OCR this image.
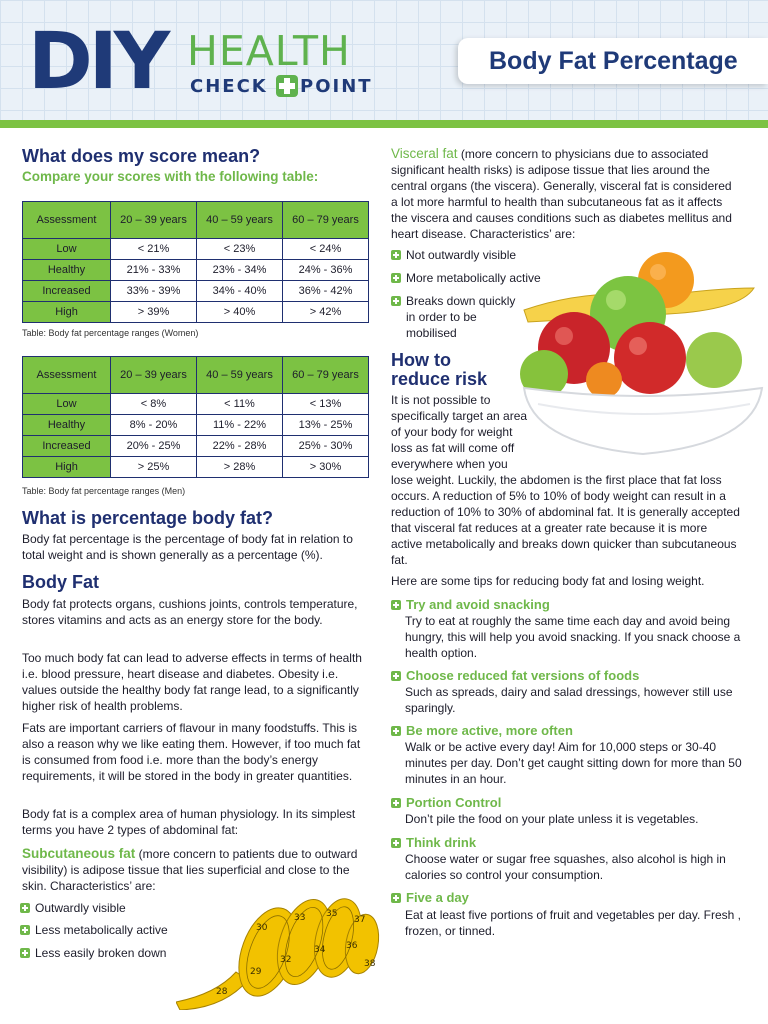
DIY HEALTH
CHECK POINT
Body Fat Percentage
What does my score mean?
Compare your scores with the following table:
Assessment	20 – 39 years	40 – 59 years	60 – 79 years
Low	< 21%	< 23%	< 24%
Healthy	21% - 33%	23% - 34%	24% - 36%
Increased	33% - 39%	34% - 40%	36% - 42%
High	> 39%	> 40%	> 42%
Table: Body fat percentage ranges (Women)
Assessment	20 – 39 years	40 – 59 years	60 – 79 years
Low	< 8%	< 11%	< 13%
Healthy	8% - 20%	11% - 22%	13% - 25%
Increased	20% - 25%	22% - 28%	25% - 30%
High	> 25%	> 28%	> 30%
Table: Body fat percentage ranges (Men)
What is percentage body fat?

Body fat percentage is the percentage of body fat in relation to total weight and is shown generally as a percentage (%).

Body Fat

Body fat protects organs, cushions joints, controls temperature, stores vitamins and acts as an energy store for the body.

Too much body fat can lead to adverse effects in terms of health i.e. blood pressure, heart disease and diabetes. Obesity i.e. values outside the healthy body fat range lead, to a significantly higher risk of health problems.

Fats are important carriers of flavour in many foodstuffs. This is also a reason why we like eating them. However, if too much fat is consumed from food i.e. more than the body’s energy requirements, it will be stored in the body in greater quantities.

Body fat is a complex area of human physiology. In its simplest terms you have 2 types of abdominal fat:

Subcutaneous fat (more concern to patients due to outward visibility) is adipose tissue that lies superficial and close to the skin. Characteristics’ are:

Outwardly visible
Less metabolically active
Less easily broken down
28
29
30
32
33
34
35
36
37
38

Visceral fat (more concern to physicians due to associated significant health risks) is adipose tissue that lies around the central organs (the viscera). Generally, visceral fat is considered a lot more harmful to health than subcutaneous fat as it affects the viscera and causes conditions such as diabetes mellitus and heart disease. Characteristics’ are:

Not outwardly visible
More metabolically active
Breaks down quickly in order to be mobilised
How to
reduce risk

It is not possible to specifically target an area of your body for weight loss as fat will come off everywhere when you lose weight. Luckily, the abdomen is the first place that fat loss occurs. A reduction of 5% to 10% of body weight can result in a reduction of 10% to 30% of abdominal fat. It is generally accepted that visceral fat reduces at a greater rate because it is more active metabolically and breaks down quicker than subcutaneous fat.

Here are some tips for reducing body fat and losing weight.

Try and avoid snacking

Try to eat at roughly the same time each day and avoid being hungry, this will help you avoid snacking. If you snack choose a health option.

Choose reduced fat versions of foods

Such as spreads, dairy and salad dressings, however still use sparingly.

Be more active, more often

Walk or be active every day! Aim for 10,000 steps or 30-40 minutes per day. Don’t get caught sitting down for more than 50 minutes in an hour.

Portion Control

Don’t pile the food on your plate unless it is vegetables.

Think drink

Choose water or sugar free squashes, also alcohol is high in calories so control your consumption.

Five a day

Eat at least five portions of fruit and vegetables per day. Fresh , frozen, or tinned.
